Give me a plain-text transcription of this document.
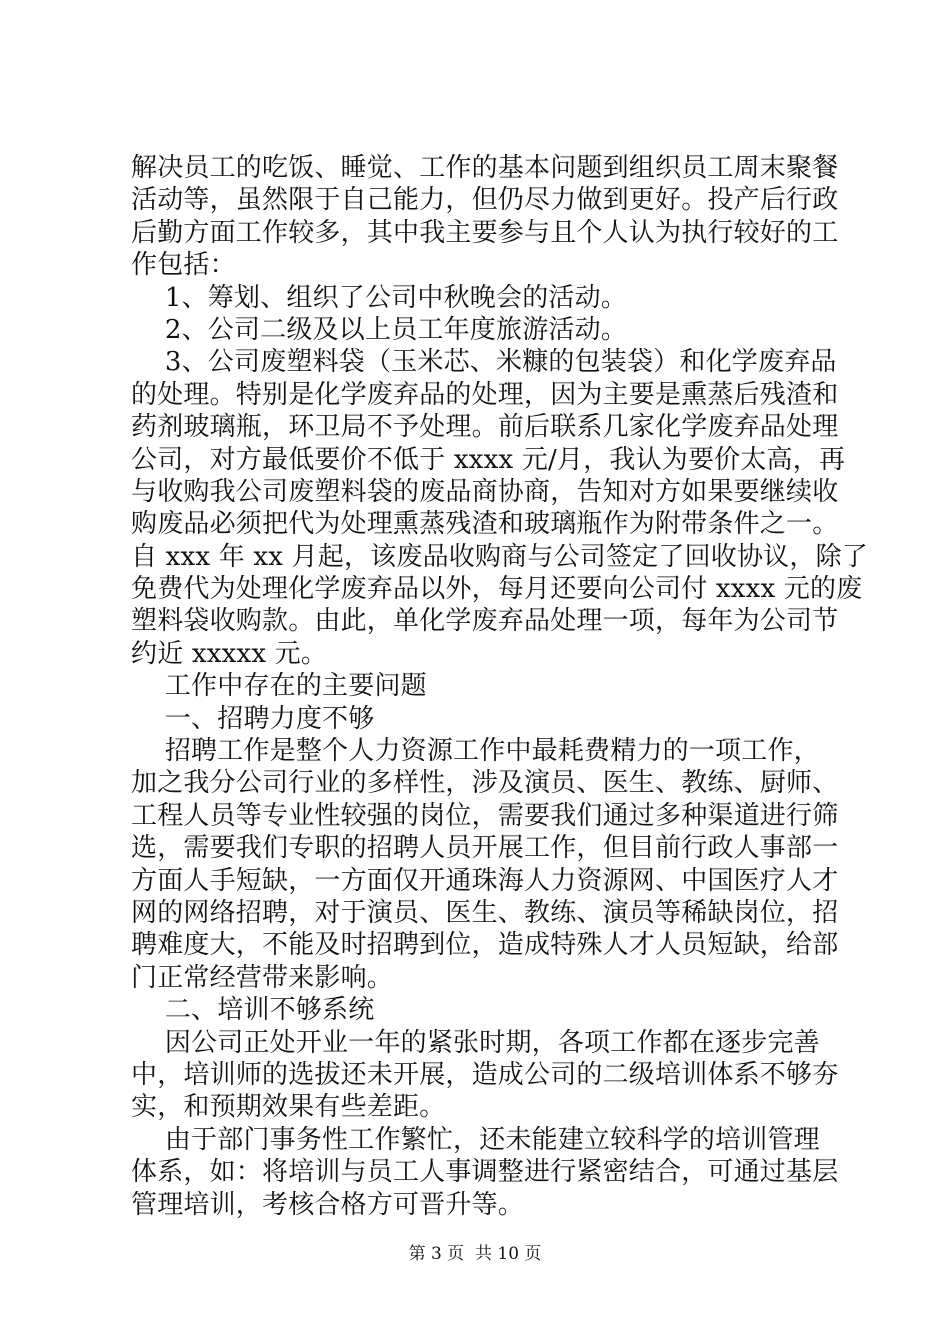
解决员工的吃饭、睡觉、工作的基本问题到组织员工周末聚餐
活动等，虽然限于自己能力，但仍尽力做到更好。投产后行政
后勤方面工作较多，其中我主要参与且个人认为执行较好的工
作包括：
1、筹划、组织了公司中秋晚会的活动。
2、公司二级及以上员工年度旅游活动。
3、公司废塑料袋（玉米芯、米糠的包装袋）和化学废弃品
的处理。特别是化学废弃品的处理，因为主要是熏蒸后残渣和
药剂玻璃瓶，环卫局不予处理。前后联系几家化学废弃品处理
公司，对方最低要价不低于 xxxx 元/月，我认为要价太高，再
与收购我公司废塑料袋的废品商协商，告知对方如果要继续收
购废品必须把代为处理熏蒸残渣和玻璃瓶作为附带条件之一。
自 xxx 年 xx 月起，该废品收购商与公司签定了回收协议，除了
免费代为处理化学废弃品以外，每月还要向公司付 xxxx 元的废
塑料袋收购款。由此，单化学废弃品处理一项，每年为公司节
约近 xxxxx 元。
工作中存在的主要问题
一、招聘力度不够
招聘工作是整个人力资源工作中最耗费精力的一项工作，
加之我分公司行业的多样性，涉及演员、医生、教练、厨师、
工程人员等专业性较强的岗位，需要我们通过多种渠道进行筛
选，需要我们专职的招聘人员开展工作，但目前行政人事部一
方面人手短缺，一方面仅开通珠海人力资源网、中国医疗人才
网的网络招聘，对于演员、医生、教练、演员等稀缺岗位，招
聘难度大，不能及时招聘到位，造成特殊人才人员短缺，给部
门正常经营带来影响。
二、培训不够系统
因公司正处开业一年的紧张时期，各项工作都在逐步完善
中，培训师的选拔还未开展，造成公司的二级培训体系不够夯
实，和预期效果有些差距。
由于部门事务性工作繁忙，还未能建立较科学的培训管理
体系，如：将培训与员工人事调整进行紧密结合，可通过基层
管理培训，考核合格方可晋升等。
第 3 页  共 10 页
